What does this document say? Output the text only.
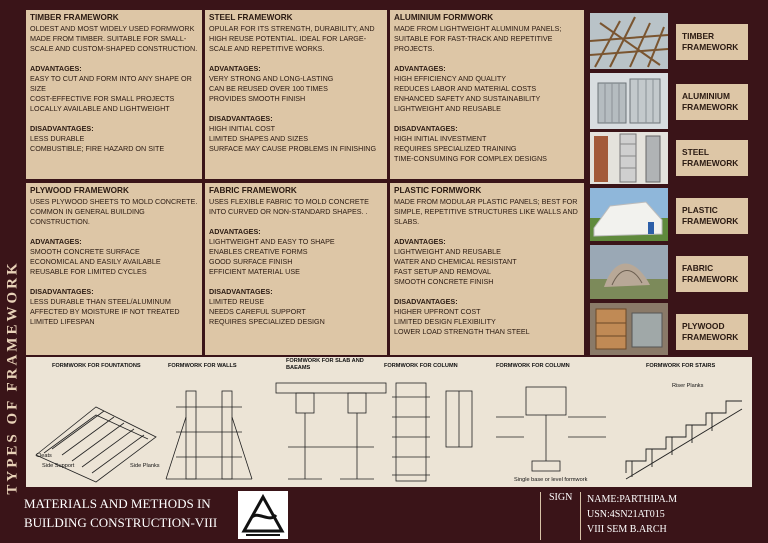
TYPES OF FRAMEWORK
TIMBER FRAMEWORK

OLDEST AND MOST WIDELY USED FORMWORK MADE FROM TIMBER. SUITABLE FOR SMALL-SCALE AND CUSTOM-SHAPED CONSTRUCTION.

ADVANTAGES:

EASY TO CUT AND FORM INTO ANY SHAPE OR SIZE

COST-EFFECTIVE FOR SMALL PROJECTS

LOCALLY AVAILABLE AND LIGHTWEIGHT

DISADVANTAGES:

LESS DURABLE

COMBUSTIBLE; FIRE HAZARD ON SITE

STEEL FRAMEWORK

OPULAR FOR ITS STRENGTH, DURABILITY, AND HIGH REUSE POTENTIAL. IDEAL FOR LARGE-SCALE AND REPETITIVE WORKS.

ADVANTAGES:

VERY STRONG AND LONG-LASTING

CAN BE REUSED OVER 100 TIMES

PROVIDES SMOOTH FINISH

DISADVANTAGES:

HIGH INITIAL COST

LIMITED SHAPES AND SIZES

SURFACE MAY CAUSE PROBLEMS IN FINISHING

ALUMINIUM FORMWORK

MADE FROM LIGHTWEIGHT ALUMINUM PANELS; SUITABLE FOR FAST-TRACK AND REPETITIVE PROJECTS.

ADVANTAGES:

HIGH EFFICIENCY AND QUALITY

REDUCES LABOR AND MATERIAL COSTS

ENHANCED SAFETY AND SUSTAINABILITY

LIGHTWEIGHT AND REUSABLE

DISADVANTAGES:

HIGH INITIAL INVESTMENT

REQUIRES SPECIALIZED TRAINING

TIME-CONSUMING FOR COMPLEX DESIGNS

PLYWOOD FRAMEWORK

USES PLYWOOD SHEETS TO MOLD CONCRETE. COMMON IN GENERAL BUILDING CONSTRUCTION.

ADVANTAGES:

SMOOTH CONCRETE SURFACE

ECONOMICAL AND EASILY AVAILABLE

REUSABLE FOR LIMITED CYCLES

DISADVANTAGES:

LESS DURABLE THAN STEEL/ALUMINUM

AFFECTED BY MOISTURE IF NOT TREATED

LIMITED LIFESPAN

FABRIC FRAMEWORK

USES FLEXIBLE FABRIC TO MOLD CONCRETE INTO CURVED OR NON-STANDARD SHAPES. .

ADVANTAGES:

LIGHTWEIGHT AND EASY TO SHAPE

ENABLES CREATIVE FORMS

GOOD SURFACE FINISH

EFFICIENT MATERIAL USE

DISADVANTAGES:

LIMITED REUSE

NEEDS CAREFUL SUPPORT

REQUIRES SPECIALIZED DESIGN

PLASTIC FORMWORK

MADE FROM MODULAR PLASTIC PANELS; BEST FOR SIMPLE, REPETITIVE STRUCTURES LIKE WALLS AND SLABS.

ADVANTAGES:

LIGHTWEIGHT AND REUSABLE

WATER AND CHEMICAL RESISTANT

FAST SETUP AND REMOVAL

SMOOTH CONCRETE FINISH

DISADVANTAGES:

HIGHER UPFRONT COST

LIMITED DESIGN FLEXIBILITY

LOWER LOAD STRENGTH THAN STEEL

TIMBER FRAMEWORK
ALUMINIUM FRAMEWORK
STEEL FRAMEWORK
PLASTIC FRAMEWORK
FABRIC FRAMEWORK
PLYWOOD FRAMEWORK
FORMWORK FOR FOUNTATIONS	FORMWORK FOR WALLS
FORMWORK FOR SLAB AND BAEAMS	FORMWORK FOR COLUMN	FORMWORK FOR COLUMN	FORMWORK FOR STAIRS
Cleats
Side Support	Side Planks
Riser Planks
Single base or level formwork
MATERIALS AND METHODS IN
BUILDING CONSTRUCTION-VIII
SIGN	NAME:PARTHIPA.M
USN:4SN21AT015
VIII SEM B.ARCH
